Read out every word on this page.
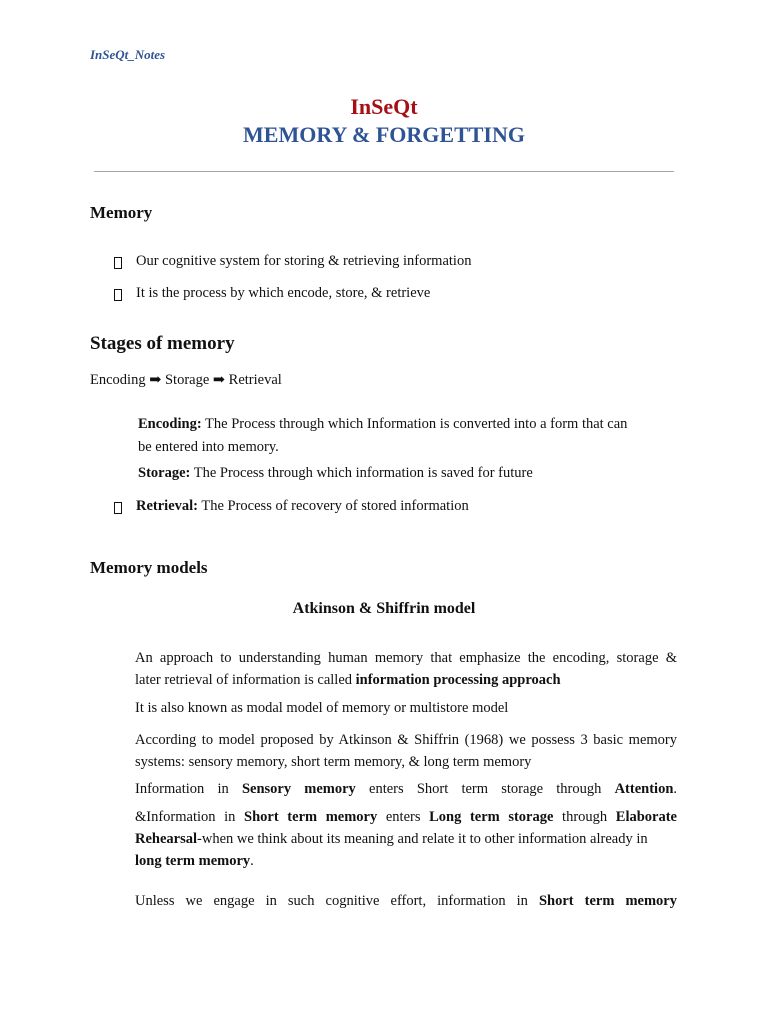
InSeQt_Notes
InSeQt
MEMORY & FORGETTING
Memory
Our cognitive system for storing & retrieving information
It is the process by which encode, store, & retrieve
Stages of memory
Encoding ➡ Storage ➡ Retrieval
Encoding: The Process through which Information is converted into a form that can
be entered into memory.
Storage: The Process through which information is saved for future
Retrieval: The Process of recovery of stored information
Memory models
Atkinson & Shiffrin model
An approach to understanding human memory that emphasize the encoding, storage &
later retrieval of information is called information processing approach
It is also known as modal model of memory or multistore model
According to model proposed by Atkinson & Shiffrin (1968) we possess 3 basic memory
systems: sensory memory, short term memory, & long term memory
Information in Sensory memory enters Short term storage through Attention.
&Information in Short term memory enters Long term storage through Elaborate
Rehearsal-when we think about its meaning and relate it to other information already in
long term memory.
Unless we engage in such cognitive effort, information in Short term memory
